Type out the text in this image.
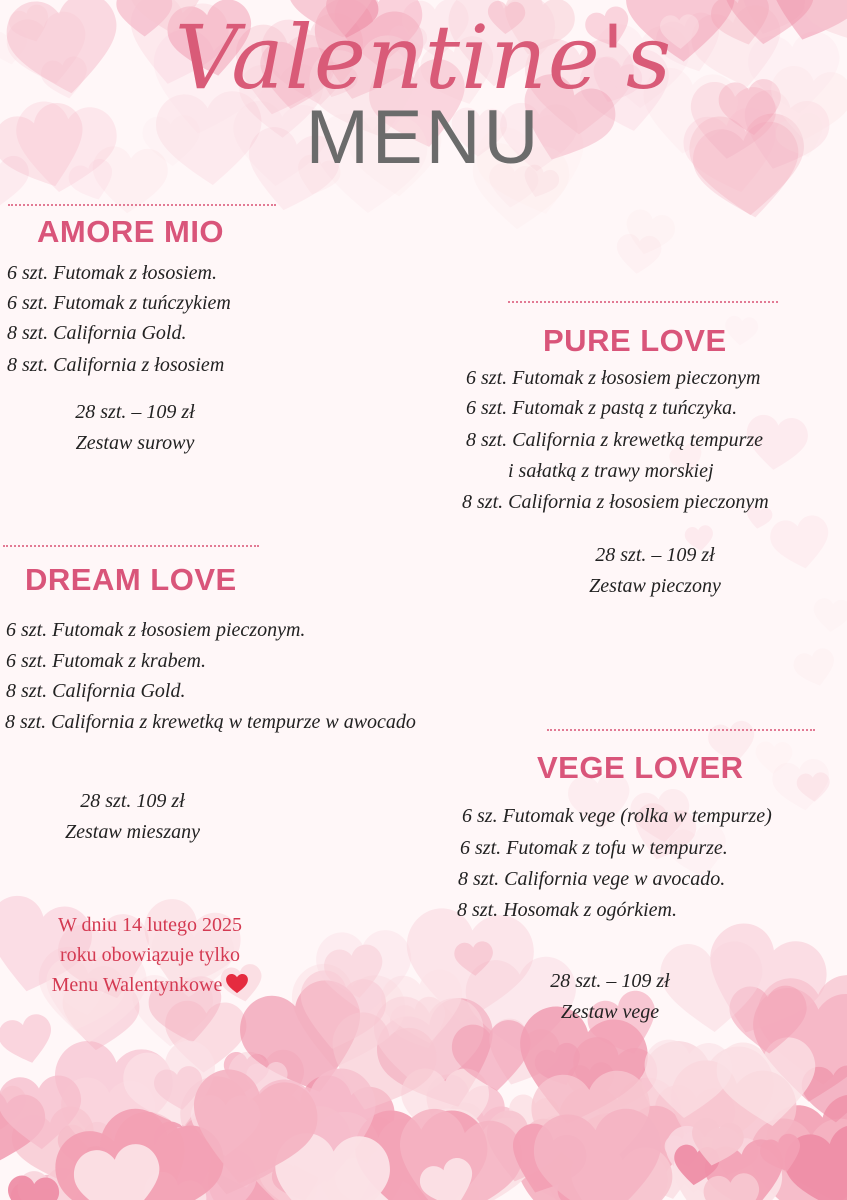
Valentine's
MENU
AMORE MIO
6 szt. Futomak z łososiem.
6 szt. Futomak z tuńczykiem
8 szt. California Gold.
8 szt. California z łososiem
28 szt. – 109 zł
Zestaw surowy
PURE LOVE
6 szt. Futomak z łososiem pieczonym
6 szt. Futomak z pastą z tuńczyka.
8 szt. California z krewetką tempurze
i sałatką z trawy morskiej
8 szt. California z łososiem pieczonym
28 szt. – 109 zł
Zestaw pieczony
DREAM LOVE
6 szt. Futomak z łososiem pieczonym.
6 szt. Futomak z krabem.
8 szt. California Gold.
8 szt. California z krewetką w tempurze w awocado
28 szt. 109 zł
Zestaw mieszany
VEGE LOVER
6 sz. Futomak vege (rolka w tempurze)
6 szt. Futomak z tofu w tempurze.
8 szt. California vege w avocado.
8 szt. Hosomak z ogórkiem.
28 szt. – 109 zł
Zestaw vege
W dniu 14 lutego 2025
roku obowiązuje tylko
Menu Walentynkowe
